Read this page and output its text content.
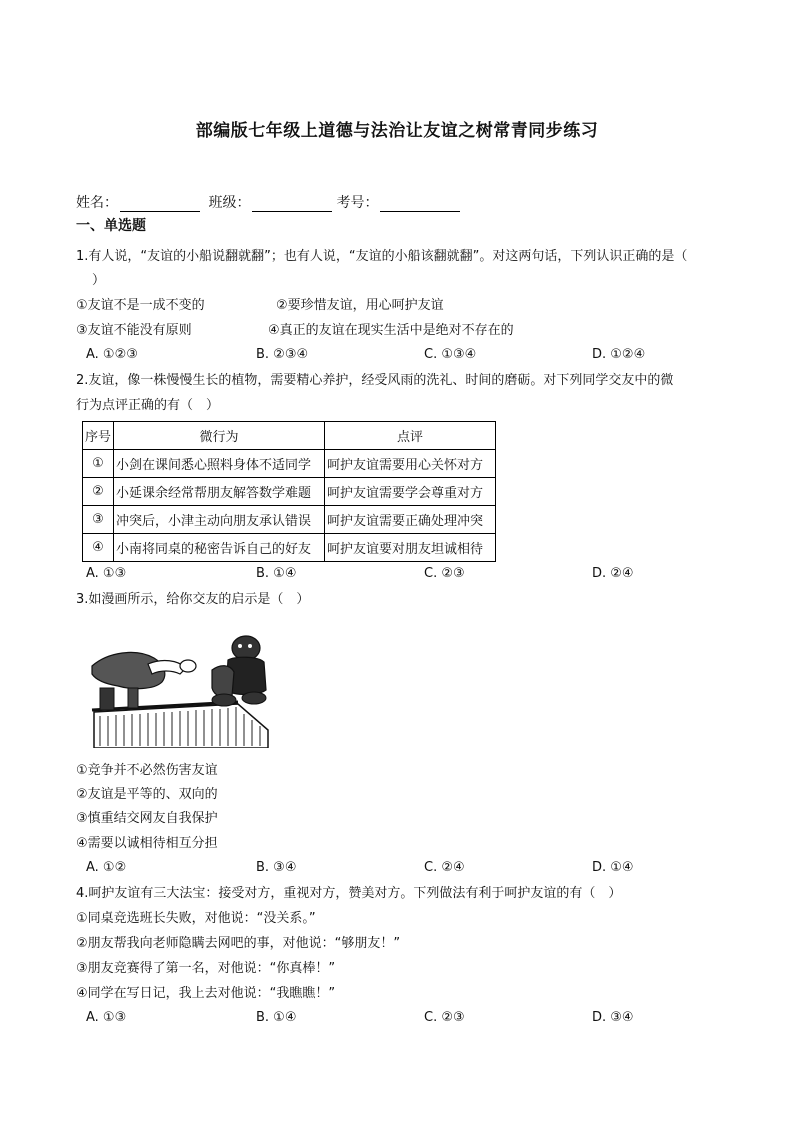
部编版七年级上道德与法治让友谊之树常青同步练习
姓名：	班级：	考号：
一、单选题
1.有人说，“友谊的小船说翻就翻”；也有人说，“友谊的小船该翻就翻”。对这两句话，下列认识正确的是（
）
①友谊不是一成不变的	②要珍惜友谊，用心呵护友谊
③友谊不能没有原则	④真正的友谊在现实生活中是绝对不存在的
A. ①②③	B. ②③④	C. ①③④	D. ①②④
2.友谊，像一株慢慢生长的植物，需要精心养护，经受风雨的洗礼、时间的磨砺。对下列同学交友中的微
行为点评正确的有（　）
序号	微行为	点评
①	小剑在课间悉心照料身体不适同学	呵护友谊需要用心关怀对方
②	小延课余经常帮朋友解答数学难题	呵护友谊需要学会尊重对方
③	冲突后，小津主动向朋友承认错误	呵护友谊需要正确处理冲突
④	小南将同桌的秘密告诉自己的好友	呵护友谊要对朋友坦诚相待
A. ①③	B. ①④	C. ②③	D. ②④
3.如漫画所示，给你交友的启示是（　）
①竞争并不必然伤害友谊
②友谊是平等的、双向的
③慎重结交网友自我保护
④需要以诚相待相互分担
A. ①②	B. ③④	C. ②④	D. ①④
4.呵护友谊有三大法宝：接受对方，重视对方，赞美对方。下列做法有利于呵护友谊的有（　）
①同桌竞选班长失败，对他说：“没关系。”
②朋友帮我向老师隐瞒去网吧的事，对他说：“够朋友！”
③朋友竞赛得了第一名，对他说：“你真棒！”
④同学在写日记，我上去对他说：“我瞧瞧！”
A. ①③	B. ①④	C. ②③	D. ③④
